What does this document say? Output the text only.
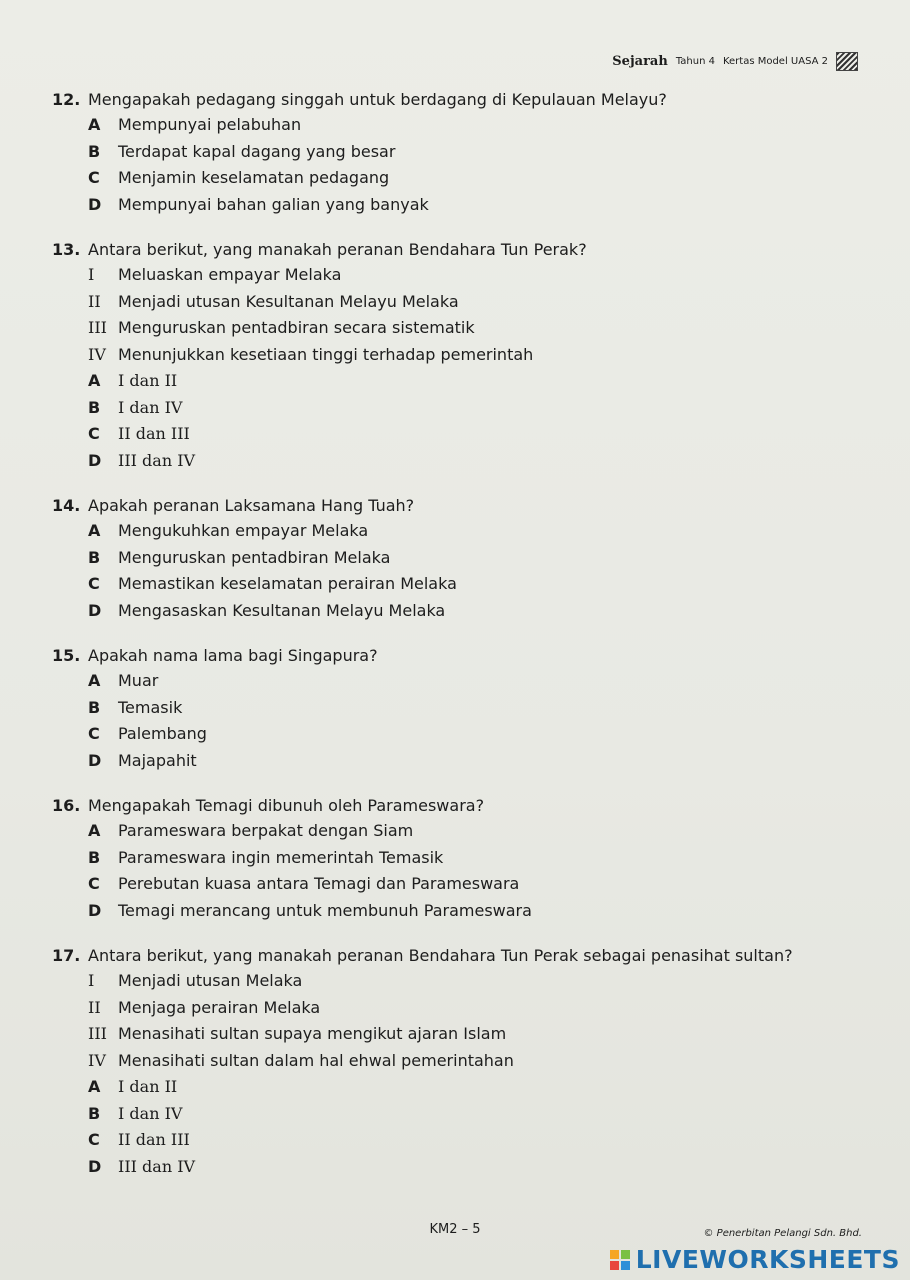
Sejarah Tahun 4 Kertas Model UASA 2
12. Mengapakah pedagang singgah untuk berdagang di Kepulauan Melayu?
A	Mempunyai pelabuhan
B	Terdapat kapal dagang yang besar
C	Menjamin keselamatan pedagang
D	Mempunyai bahan galian yang banyak
13. Antara berikut, yang manakah peranan Bendahara Tun Perak?
I	Meluaskan empayar Melaka
II	Menjadi utusan Kesultanan Melayu Melaka
III Menguruskan pentadbiran secara sistematik
IV Menunjukkan kesetiaan tinggi terhadap pemerintah
A	I dan II
B	I dan IV
C	II dan III
D	III dan IV
14. Apakah peranan Laksamana Hang Tuah?
A	Mengukuhkan empayar Melaka
B	Menguruskan pentadbiran Melaka
C	Memastikan keselamatan perairan Melaka
D	Mengasaskan Kesultanan Melayu Melaka
15. Apakah nama lama bagi Singapura?
A	Muar
B	Temasik
C	Palembang
D	Majapahit
16. Mengapakah Temagi dibunuh oleh Parameswara?
A	Parameswara berpakat dengan Siam
B	Parameswara ingin memerintah Temasik
C	Perebutan kuasa antara Temagi dan Parameswara
D	Temagi merancang untuk membunuh Parameswara
17. Antara berikut, yang manakah peranan Bendahara Tun Perak sebagai penasihat sultan?
I	Menjadi utusan Melaka
II	Menjaga perairan Melaka
III Menasihati sultan supaya mengikut ajaran Islam
IV Menasihati sultan dalam hal ehwal pemerintahan
A	I dan II
B	I dan IV
C	II dan III
D	III dan IV
KM2 – 5	© Penerbitan Pelangi Sdn. Bhd.
LIVEWORKSHEETS
